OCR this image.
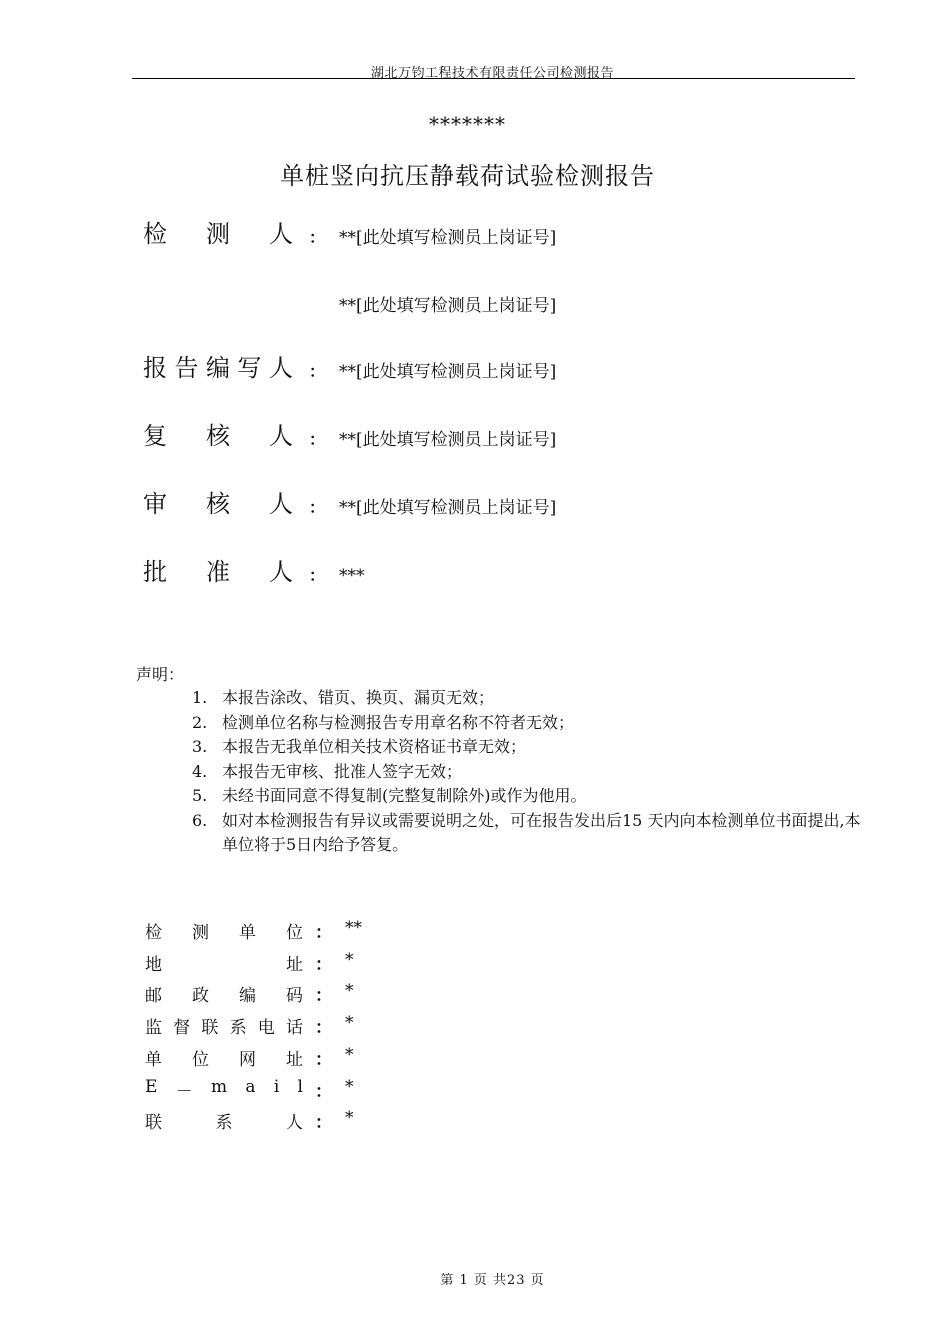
湖北万钧工程技术有限责任公司检测报告
*******
单桩竖向抗压静载荷试验检测报告
检 测 人 ： **[此处填写检测员上岗证号]
**[此处填写检测员上岗证号]
报 告 编 写 人 ： **[此处填写检测员上岗证号]
复 核 人 ： **[此处填写检测员上岗证号]
审 核 人 ： **[此处填写检测员上岗证号]
批 准 人 ： ***
声明：
1. 本报告涂改、错页、换页、漏页无效；
2. 检测单位名称与检测报告专用章名称不符者无效；
3. 本报告无我单位相关技术资格证书章无效；
4. 本报告无审核、批准人签字无效；
5. 未经书面同意不得复制(完整复制除外)或作为他用。
6. 如对本检测报告有异议或需要说明之处，可在报告发出后15 天内向本检测单位书面提出,本单位将于5日内给予答复。
检 测 单 位 ： **
地	址 ： *
邮 政 编 码 ： *
监 督 联 系 电 话 ： *
单 位 网 址 ： *
E － m a i l ： *
联	系	人 ： *
第 1 页 共23 页
